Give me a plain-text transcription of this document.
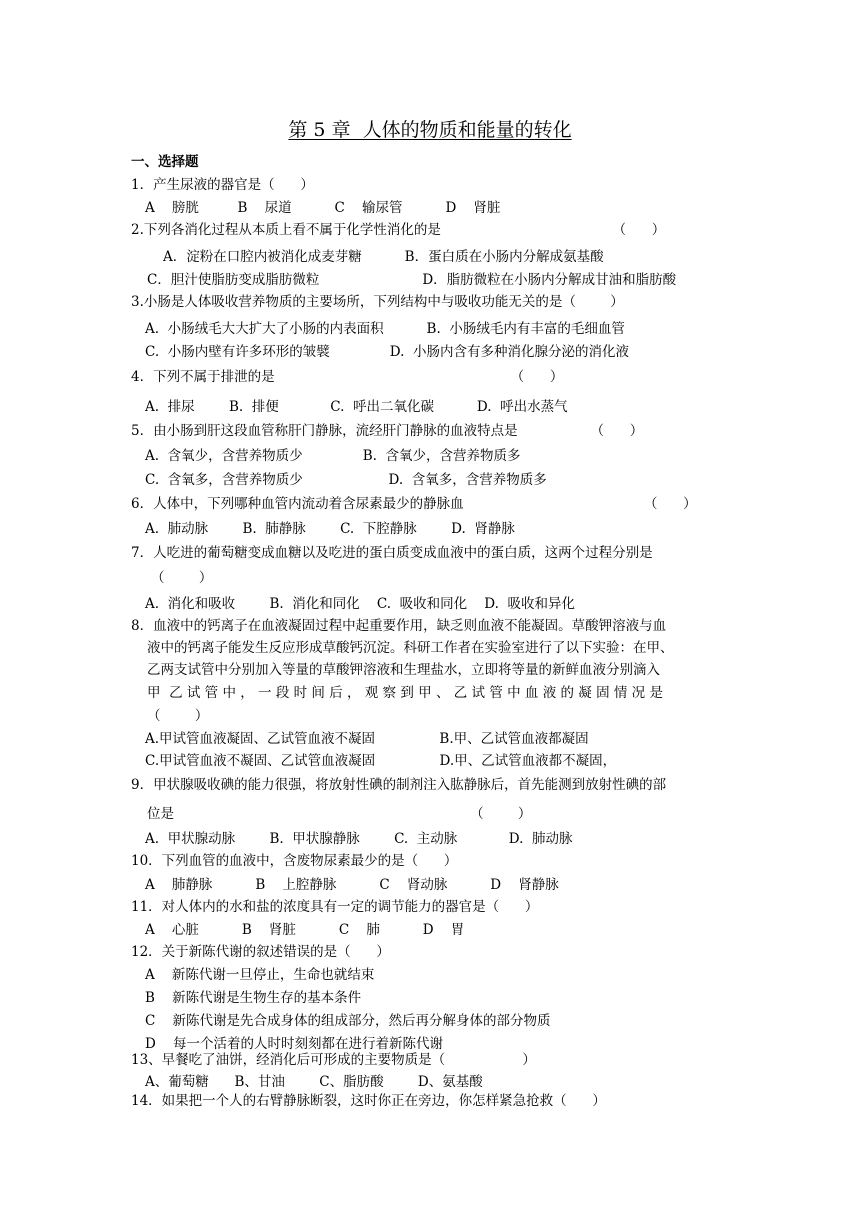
第 5 章  人体的物质和能量的转化
一、选择题
1．产生尿液的器官是（      ）
A    膀胱         B    尿道          C    输尿管          D    肾脏
2.下列各消化过程从本质上看不属于化学性消化的是                                        （      ）
A．淀粉在口腔内被消化成麦芽糖          B．蛋白质在小肠内分解成氨基酸
C．胆汁使脂肪变成脂肪微粒                        D．脂肪微粒在小肠内分解成甘油和脂肪酸
3.小肠是人体吸收营养物质的主要场所，下列结构中与吸收功能无关的是（        ）
A.  小肠绒毛大大扩大了小肠的内表面积          B.  小肠绒毛内有丰富的毛细血管
C.  小肠内壁有许多环形的皱襞              D.  小肠内含有多种消化腺分泌的消化液
4．下列不属于排泄的是                                                       （      ）
A.  排尿        B.  排便            C.  呼出二氧化碳          D.  呼出水蒸气
5．由小肠到肝这段血管称肝门静脉，流经肝门静脉的血液特点是                 （      ）
A.  含氧少，含营养物质少              B.  含氧少，含营养物质多
C.  含氧多，含营养物质少                    D.  含氧多，含营养物质多
6．人体中，下列哪种血管内流动着含尿素最少的静脉血                                          （      ）
A.  肺动脉        B.  肺静脉        C.  下腔静脉        D.  肾静脉
7．人吃进的葡萄糖变成血糖以及吃进的蛋白质变成血液中的蛋白质，这两个过程分别是
（        ）
A.  消化和吸收        B.  消化和同化    C.  吸收和同化    D.  吸收和异化
8．血液中的钙离子在血液凝固过程中起重要作用，缺乏则血液不能凝固。草酸钾溶液与血
液中的钙离子能发生反应形成草酸钙沉淀。科研工作者在实验室进行了以下实验：在甲、
乙两支试管中分别加入等量的草酸钾溶液和生理盐水，立即将等量的新鲜血液分别滴入
甲  乙 试 管 中 ， 一 段 时 间 后 ， 观 察 到 甲 、 乙 试 管 中 血 液 的 凝 固 情 况 是
（        ）
A.甲试管血液凝固、乙试管血液不凝固               B.甲、乙试管血液都凝固
C.甲试管血液不凝固、乙试管血液凝固               D.甲、乙试管血液都不凝固，
9．甲状腺吸收碘的能力很强，将放射性碘的制剂注入肱静脉后，首先能测到放射性碘的部
位是                                                                     （        ）
A.  甲状腺动脉        B.  甲状腺静脉        C.  主动脉            D.  肺动脉
10．下列血管的血液中，含废物尿素最少的是（      ）
A    肺静脉          B    上腔静脉          C    肾动脉          D    肾静脉
11．对人体内的水和盐的浓度具有一定的调节能力的器官是（      ）
A    心脏          B    肾脏          C    肺          D    胃
12．关于新陈代谢的叙述错误的是（      ）
A    新陈代谢一旦停止，生命也就结束
B    新陈代谢是生物生存的基本条件
C    新陈代谢是先合成身体的组成部分，然后再分解身体的部分物质
D    每一个活着的人时时刻刻都在进行着新陈代谢
13、早餐吃了油饼，经消化后可形成的主要物质是（                  ）
A、葡萄糖      B、甘油        C、脂肪酸        D、氨基酸
14．如果把一个人的右臂静脉断裂，这时你正在旁边，你怎样紧急抢救（      ）
